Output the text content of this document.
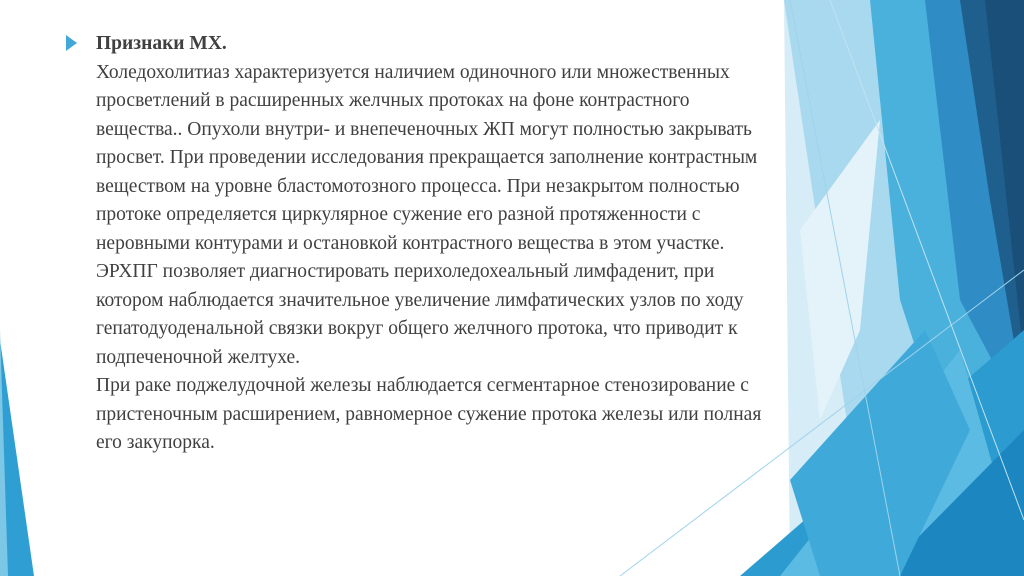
Признаки МХ.
Холедохолитиаз характеризуется наличием одиночного или множественных просветлений в расширенных желчных протоках на фоне контрастного вещества.. Опухоли внутри- и внепеченочных ЖП могут полностью закрывать просвет. При проведении исследования прекращается заполнение контрастным веществом на уровне бластомотозного процесса. При незакрытом полностью протоке определяется циркулярное сужение его разной протяженности с неровными контурами и остановкой контрастного вещества в этом участке. ЭРХПГ позволяет диагностировать перихоледохеальный лимфаденит, при котором наблюдается значительное увеличение лимфатических узлов по ходу гепатодуоденальной связки вокруг общего желчного протока, что приводит к подпеченочной желтухе.
При раке поджелудочной железы наблюдается сегментарное стенозирование с пристеночным расширением, равномерное сужение протока железы или полная его закупорка.
